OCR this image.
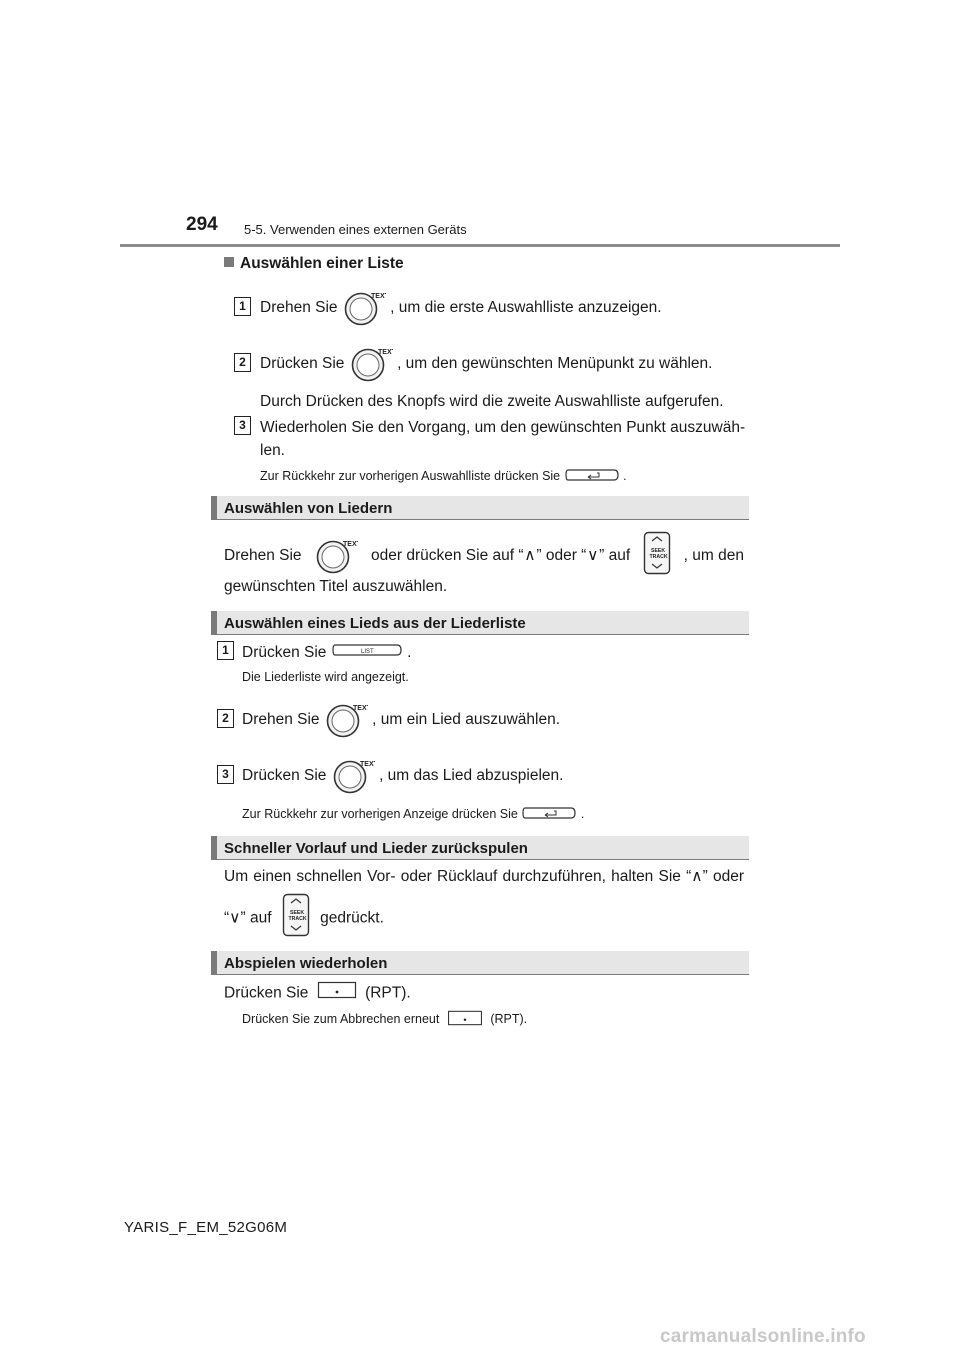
294 5-5. Verwenden eines externen Geräts
Auswählen einer Liste
1 Drehen Sie	, um die erste Auswahlliste anzuzeigen.
2 Drücken Sie	, um den gewünschten Menüpunkt zu wählen.
Durch Drücken des Knopfs wird die zweite Auswahlliste aufgerufen.
3 Wiederholen Sie den Vorgang, um den gewünschten Punkt auszuwäh-
len.
Zur Rückkehr zur vorherigen Auswahlliste drücken Sie	.
Auswählen von Liedern
Drehen Sie	oder drücken Sie auf “ ∧ ” oder “ ∨ ” auf	, um den
gewünschten Titel auszuwählen.
Auswählen eines Lieds aus der Liederliste
1 Drücken Sie	.
Die Liederliste wird angezeigt.
2 Drehen Sie	, um ein Lied auszuwählen.
3 Drücken Sie	, um das Lied abzuspielen.
Zur Rückkehr zur vorherigen Anzeige drücken Sie	.
Schneller Vorlauf und Lieder zurückspulen
Um einen schnellen Vor- oder Rücklauf durchzuführen, halten Sie “∧” oder
“∨” auf	gedrückt.
Abspielen wiederholen
Drücken Sie	(RPT).
Drücken Sie zum Abbrechen erneut	(RPT).
YARIS_F_EM_52G06M
carmanualsonline.info
